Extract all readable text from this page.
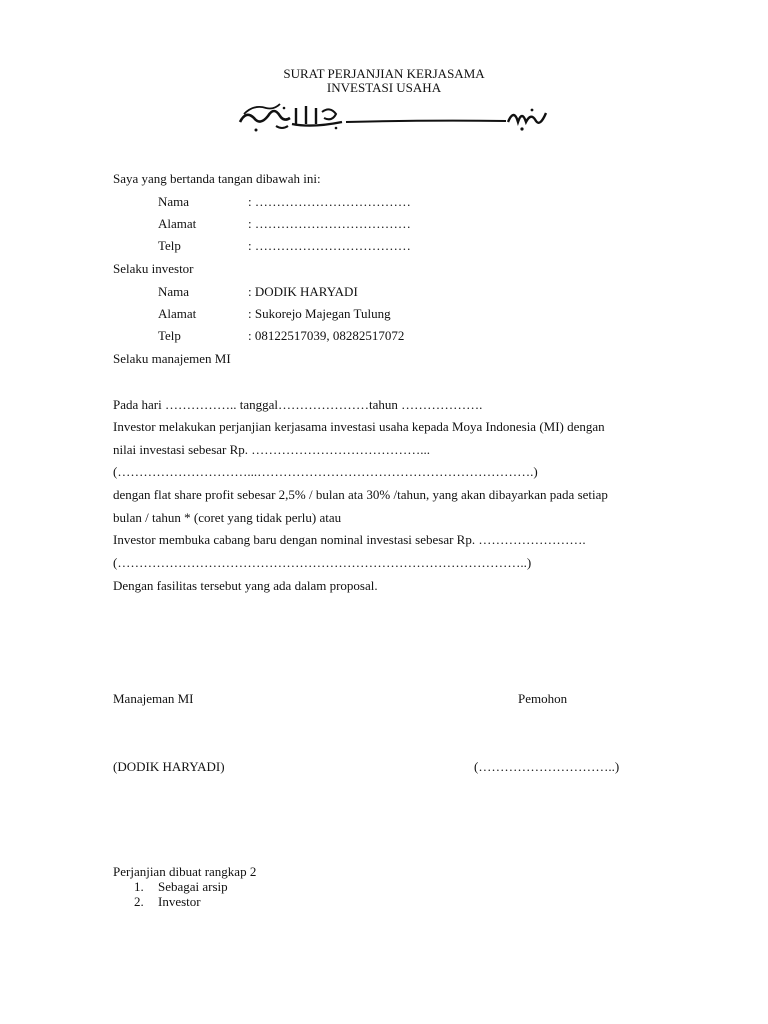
SURAT PERJANJIAN KERJASAMA
INVESTASI USAHA
Saya yang bertanda tangan dibawah ini:
Nama	: ………………………………
Alamat	: ………………………………
Telp	: ………………………………
Selaku investor
Nama	: DODIK HARYADI
Alamat	: Sukorejo Majegan Tulung
Telp	: 08122517039, 08282517072
Selaku manajemen MI
Pada hari …………….. tanggal…………………tahun ……………….
Investor melakukan perjanjian kerjasama investasi usaha kepada Moya Indonesia (MI) dengan
nilai investasi sebesar Rp. …………………………………...
(…………………………...……………………………………………………….)
dengan flat share profit sebesar 2,5% / bulan ata 30% /tahun, yang akan dibayarkan pada setiap
bulan / tahun * (coret yang tidak perlu) atau
Investor membuka cabang baru dengan nominal investasi sebesar Rp. …………………….
(…………………………………………………………………………………..)
Dengan fasilitas tersebut yang ada dalam proposal.
Manajeman MI	Pemohon
(DODIK HARYADI)	(…………………………..)
Perjanjian dibuat rangkap 2
1. Sebagai arsip
2. Investor
